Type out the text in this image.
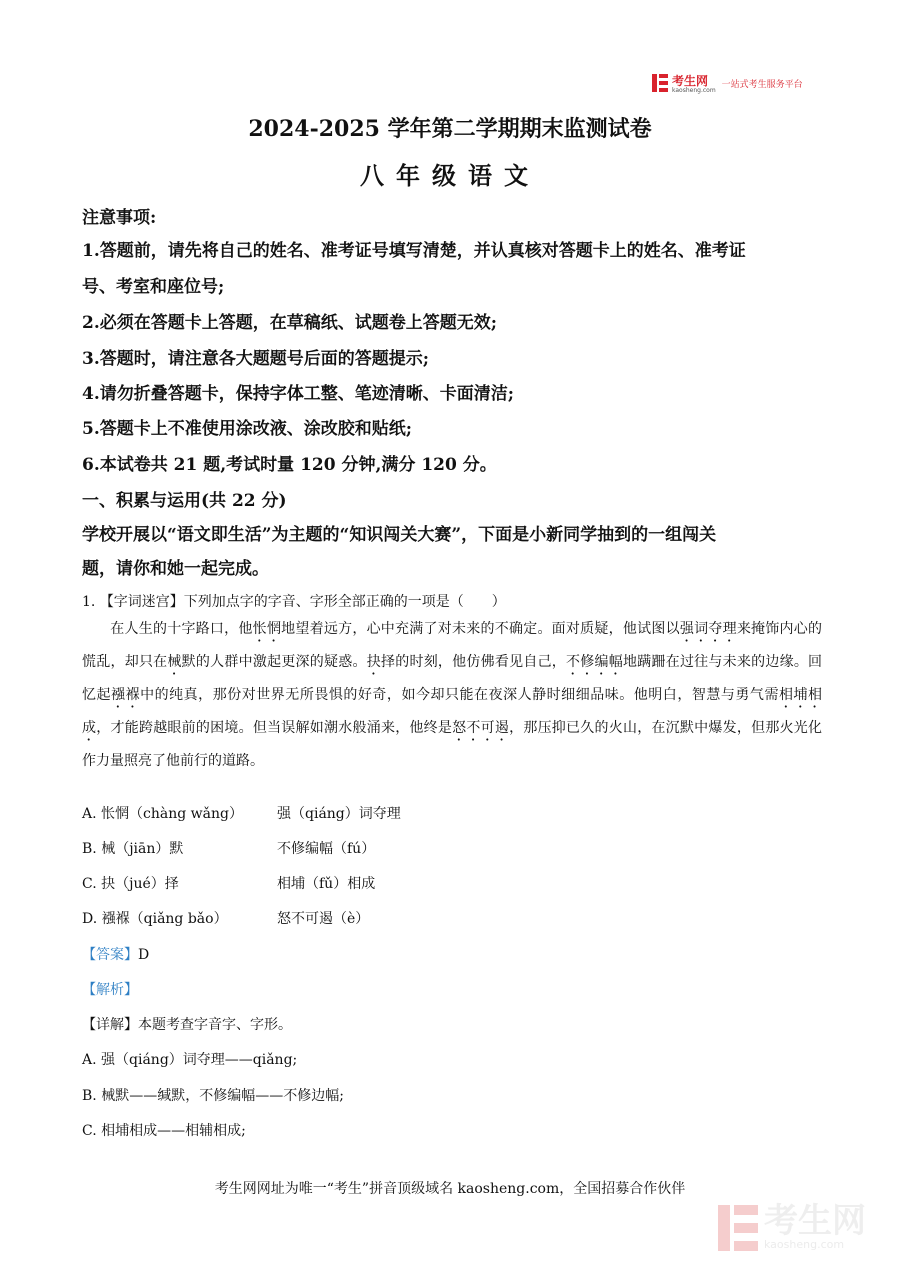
考生网
kaosheng.com
一站式考生服务平台
2024-2025 学年第二学期期末监测试卷
八年级语文
注意事项:
1.答题前，请先将自己的姓名、准考证号填写清楚，并认真核对答题卡上的姓名、准考证
号、考室和座位号;
2.必须在答题卡上答题，在草稿纸、试题卷上答题无效;
3.答题时，请注意各大题题号后面的答题提示;
4.请勿折叠答题卡，保持字体工整、笔迹清晰、卡面清洁;
5.答题卡上不准使用涂改液、涂改胶和贴纸;
6.本试卷共 21 题,考试时量 120 分钟,满分 120 分。
一、积累与运用(共 22 分)
学校开展以“语文即生活”为主题的“知识闯关大赛”，下面是小新同学抽到的一组闯关
题，请你和她一起完成。
1. 【字词迷宫】下列加点字的字音、字形全部正确的一项是（　　）
在人生的十字路口，他怅惘地望着远方，心中充满了对未来的不确定。面对质疑，他试图以强词夺理来掩饰内心的慌乱，却只在械默的人群中激起更深的疑惑。抉择的时刻，他仿佛看见自己，不修编幅地蹒跚在过往与未来的边缘。回忆起襁褓中的纯真，那份对世界无所畏惧的好奇，如今却只能在夜深人静时细细品味。他明白，智慧与勇气需相埔相成，才能跨越眼前的困境。但当误解如潮水般涌来，他终是怒不可遏，那压抑已久的火山，在沉默中爆发，但那火光化作力量照亮了他前行的道路。
A. 怅惘（chàng wǎng） 强（qiáng）词夺理
B. 械（jiān）默	不修编幅（fú）
C. 抉（jué）择	相埔（fǔ）相成
D. 襁褓（qiǎng bǎo）	怒不可遏（è）
【答案】D
【解析】
【详解】本题考查字音字、字形。
A. 强（qiáng）词夺理——qiǎng;
B. 械默——缄默，不修编幅——不修边幅;
C. 相埔相成——相辅相成;
考生网网址为唯一“考生”拼音顶级域名 kaosheng.com，全国招募合作伙伴
考生网
kaosheng.com
